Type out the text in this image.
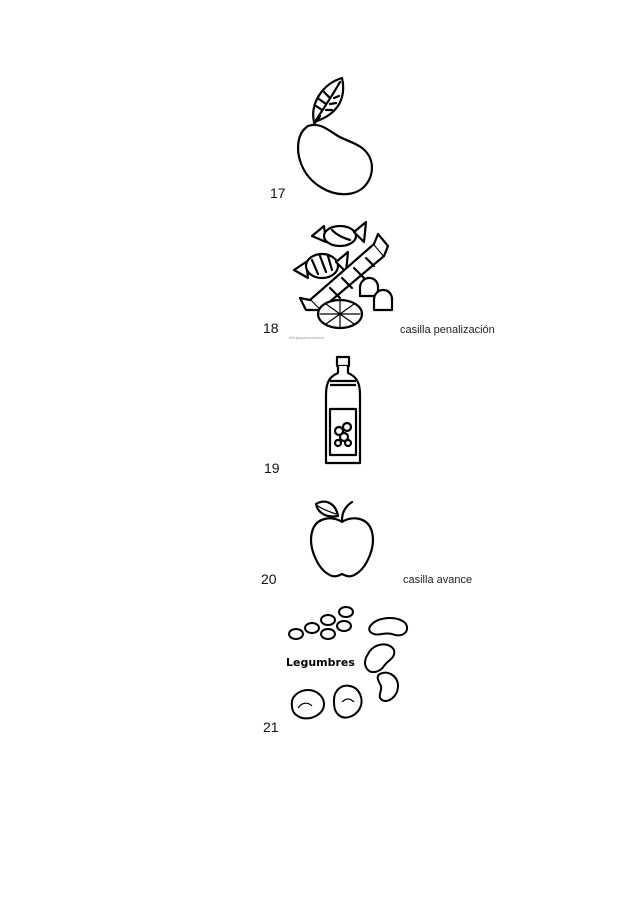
17
18
dibujosparacolorear
casilla penalización
19
20	casilla avance
Legumbres
21
